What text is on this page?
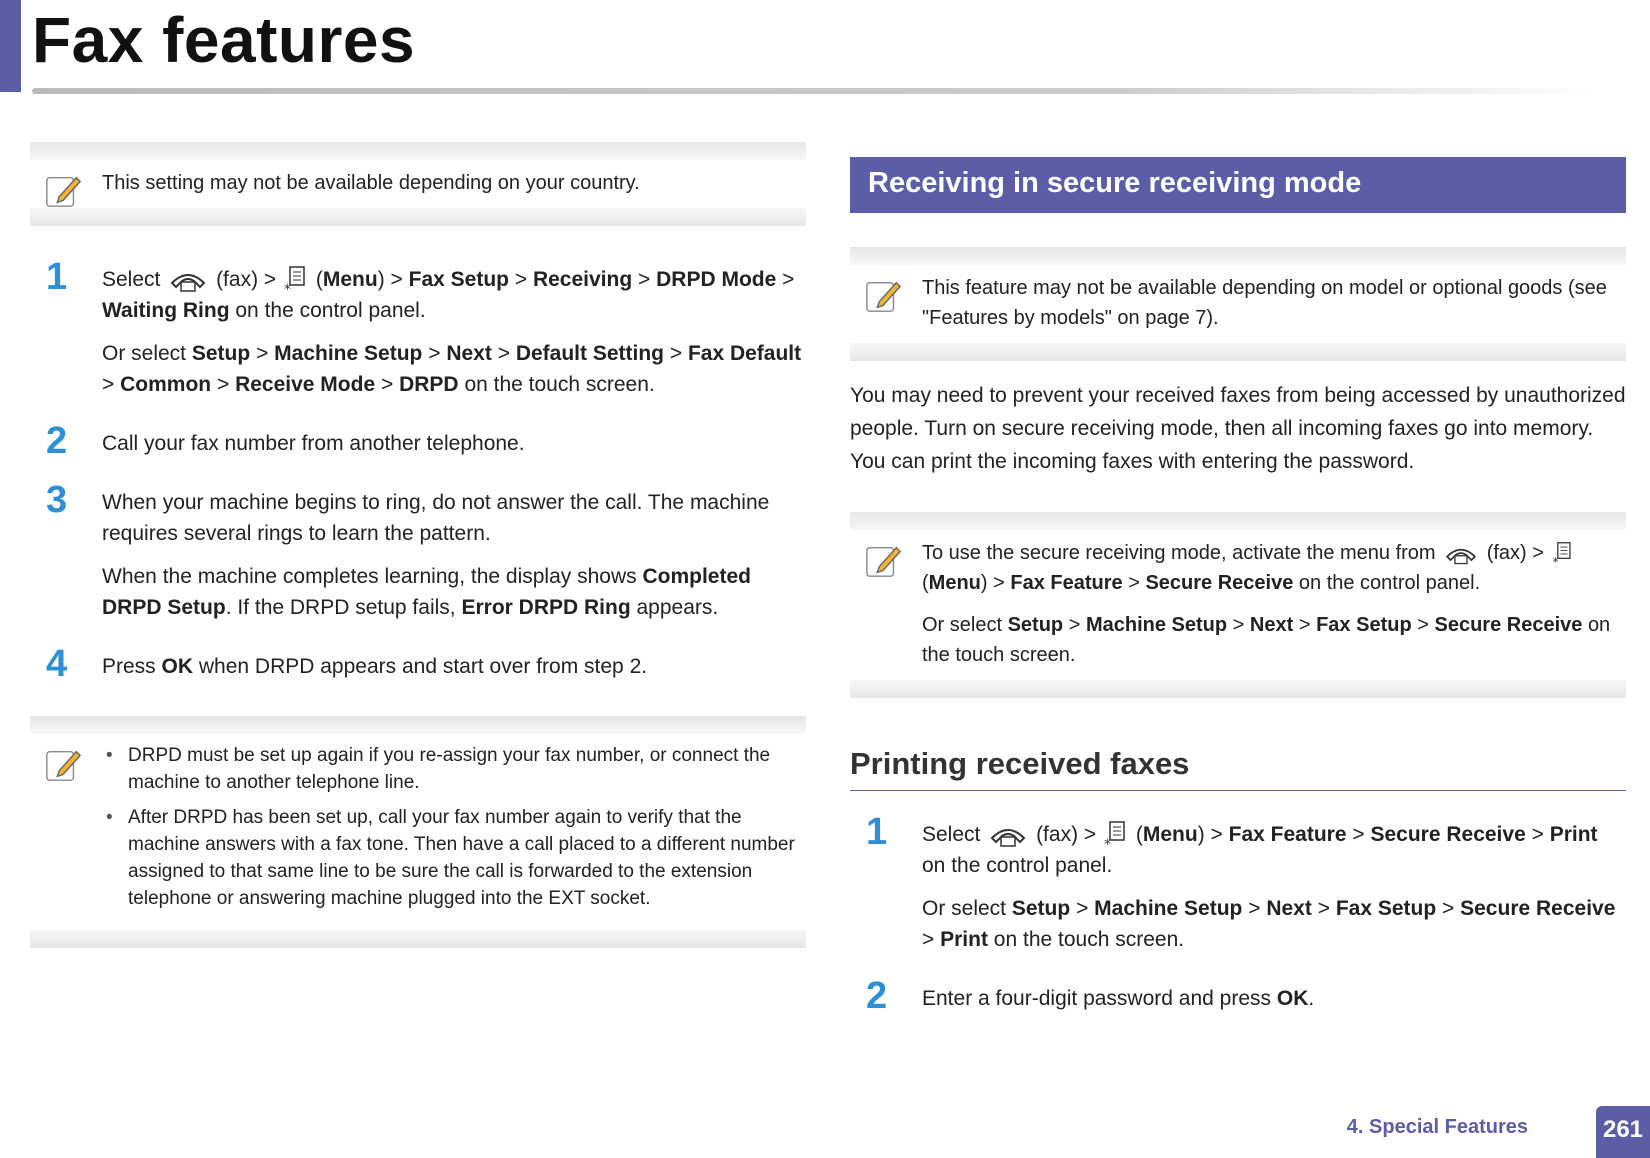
Fax features
This setting may not be available depending on your country.
1 Select	(fax) > * (Menu) > Fax Setup > Receiving > DRPD Mode > Waiting Ring on the control panel.

Or select Setup > Machine Setup > Next > Default Setting > Fax Default > Common > Receive Mode > DRPD on the touch screen.

2 Call your fax number from another telephone.

3 When your machine begins to ring, do not answer the call. The machine requires several rings to learn the pattern.

When the machine completes learning, the display shows Completed DRPD Setup. If the DRPD setup fails, Error DRPD Ring appears.

4 Press OK when DRPD appears and start over from step 2.

• DRPD must be set up again if you re-assign your fax number, or connect the machine to another telephone line.
• After DRPD has been set up, call your fax number again to verify that the machine answers with a fax tone. Then have a call placed to a different number assigned to that same line to be sure the call is forwarded to the extension telephone or answering machine plugged into the EXT socket.
Receiving in secure receiving mode
This feature may not be available depending on model or optional goods (see "Features by models" on page 7).

You may need to prevent your received faxes from being accessed by unauthorized people. Turn on secure receiving mode, then all incoming faxes go into memory. You can print the incoming faxes with entering the password.

To use the secure receiving mode, activate the menu from	(fax) > *
(Menu) > Fax Feature > Secure Receive on the control panel.

Or select Setup > Machine Setup > Next > Fax Setup > Secure Receive on the touch screen.

Printing received faxes
1 Select	(fax) > * (Menu) > Fax Feature > Secure Receive > Print on the control panel.

Or select Setup > Machine Setup > Next > Fax Setup > Secure Receive > Print on the touch screen.

2 Enter a four-digit password and press OK.

4. Special Features	261
